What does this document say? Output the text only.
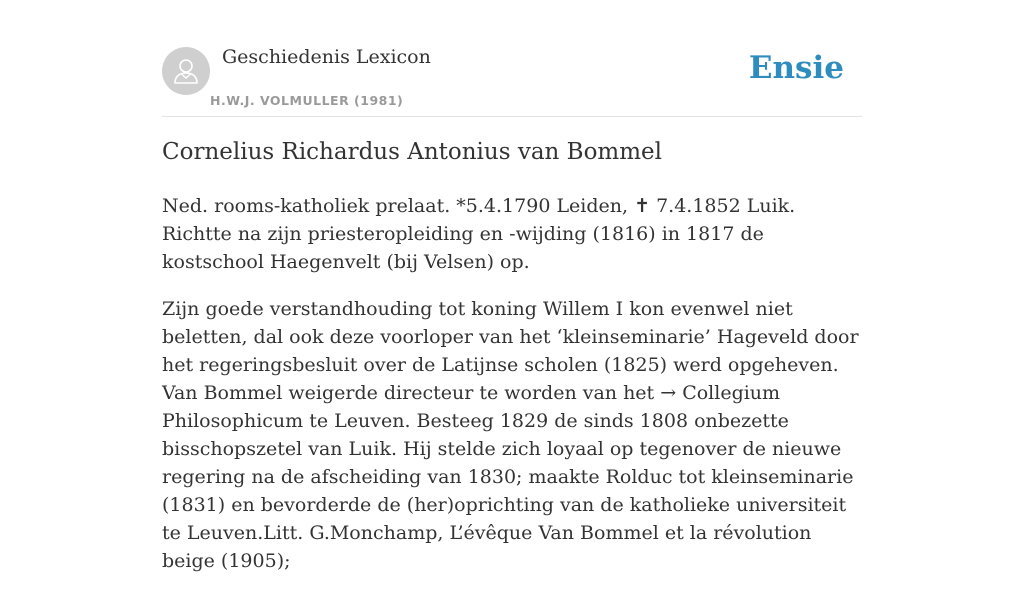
Geschiedenis Lexicon
H.W.J. VOLMULLER (1981)
Ensie
Cornelius Richardus Antonius van Bommel

Ned. rooms-katholiek prelaat. *5.4.1790 Leiden, ✝ 7.4.1852 Luik. Richtte na zijn priesteropleiding en -wijding (1816) in 1817 de kostschool Haegenvelt (bij Velsen) op.

Zijn goede verstandhouding tot koning Willem I kon evenwel niet beletten, dal ook deze voorloper van het ‘kleinseminarie’ Hageveld door het regeringsbesluit over de Latijnse scholen (1825) werd opgeheven. Van Bommel weigerde directeur te worden van het → Collegium Philosophicum te Leuven. Besteeg 1829 de sinds 1808 onbezette bisschopszetel van Luik. Hij stelde zich loyaal op tegenover de nieuwe regering na de afscheiding van 1830; maakte Rolduc tot kleinseminarie (1831) en bevorderde de (her)oprichting van de katholieke universiteit te Leuven.Litt. G.Monchamp, L’évêque Van Bommel et la révolution beige (1905);
